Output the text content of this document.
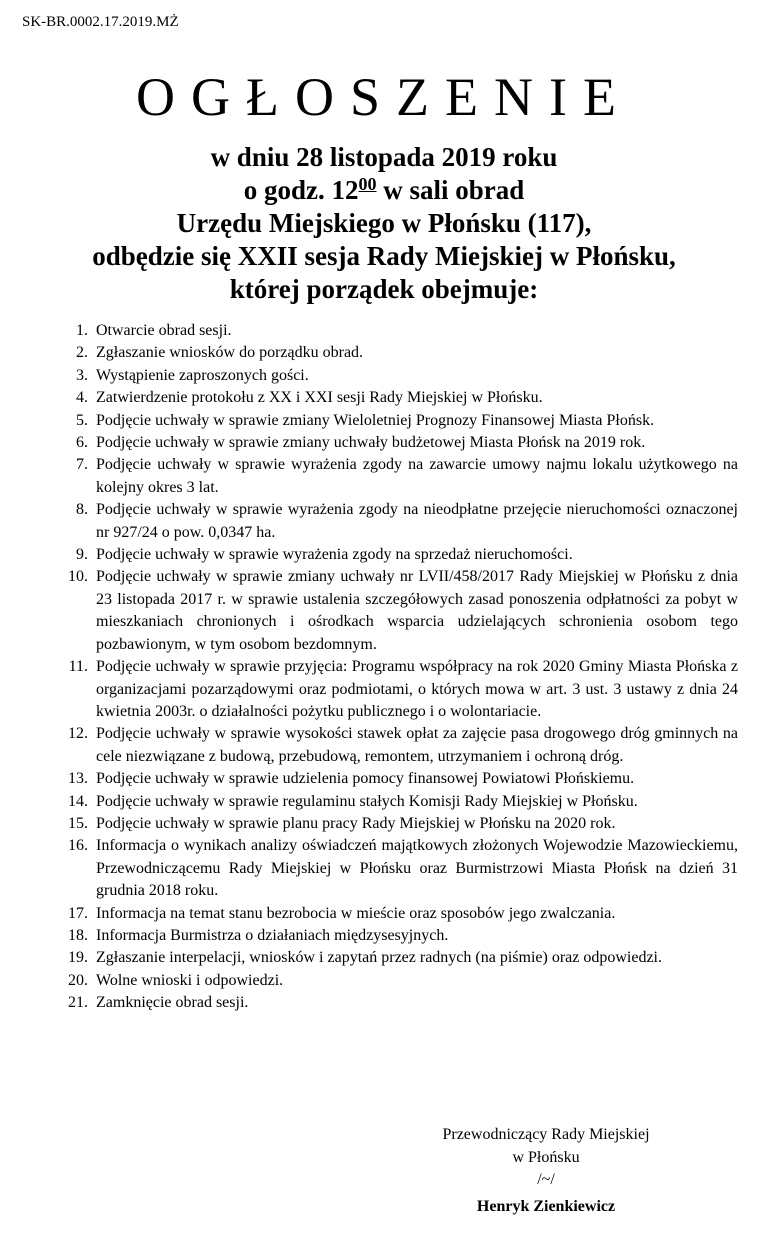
SK-BR.0002.17.2019.MŻ
OGŁOSZENIE
w dniu 28 listopada 2019 roku
o godz. $12^{00}$ w sali obrad
Urzędu Miejskiego w Płońsku (117),
odbędzie się XXII sesja Rady Miejskiej w Płońsku,
której porządek obejmuje:
1. Otwarcie obrad sesji.
2. Zgłaszanie wniosków do porządku obrad.
3. Wystąpienie zaproszonych gości.
4. Zatwierdzenie protokołu z XX i XXI sesji Rady Miejskiej w Płońsku.
5. Podjęcie uchwały w sprawie zmiany Wieloletniej Prognozy Finansowej Miasta Płońsk.
6. Podjęcie uchwały w sprawie zmiany uchwały budżetowej Miasta Płońsk na 2019 rok.
7. Podjęcie uchwały w sprawie wyrażenia zgody na zawarcie umowy najmu lokalu użytkowego na kolejny okres 3 lat.
8. Podjęcie uchwały w sprawie wyrażenia zgody na nieodpłatne przejęcie nieruchomości oznaczonej nr 927/24 o pow. 0,0347 ha.
9. Podjęcie uchwały w sprawie wyrażenia zgody na sprzedaż nieruchomości.
10. Podjęcie uchwały w sprawie zmiany uchwały nr LVII/458/2017 Rady Miejskiej w Płońsku z dnia 23 listopada 2017 r. w sprawie ustalenia szczegółowych zasad ponoszenia odpłatności za pobyt w mieszkaniach chronionych i ośrodkach wsparcia udzielających schronienia osobom tego pozbawionym, w tym osobom bezdomnym.
11. Podjęcie uchwały w sprawie przyjęcia: Programu współpracy na rok 2020 Gminy Miasta Płońska z organizacjami pozarządowymi oraz podmiotami, o których mowa w art. 3 ust. 3 ustawy z dnia 24 kwietnia 2003r. o działalności pożytku publicznego i o wolontariacie.
12. Podjęcie uchwały w sprawie wysokości stawek opłat za zajęcie pasa drogowego dróg gminnych na cele niezwiązane z budową, przebudową, remontem, utrzymaniem i ochroną dróg.
13. Podjęcie uchwały w sprawie udzielenia pomocy finansowej Powiatowi Płońskiemu.
14. Podjęcie uchwały w sprawie regulaminu stałych Komisji Rady Miejskiej w Płońsku.
15. Podjęcie uchwały w sprawie planu pracy Rady Miejskiej w Płońsku na 2020 rok.
16. Informacja o wynikach analizy oświadczeń majątkowych złożonych Wojewodzie Mazowieckiemu, Przewodniczącemu Rady Miejskiej w Płońsku oraz Burmistrzowi Miasta Płońsk na dzień 31 grudnia 2018 roku.
17. Informacja na temat stanu bezrobocia w mieście oraz sposobów jego zwalczania.
18. Informacja Burmistrza o działaniach międzysesyjnych.
19. Zgłaszanie interpelacji, wniosków i zapytań przez radnych (na piśmie) oraz odpowiedzi.
20. Wolne wnioski i odpowiedzi.
21. Zamknięcie obrad sesji.
Przewodniczący Rady Miejskiej
w Płońsku
/~/
Henryk Zienkiewicz
